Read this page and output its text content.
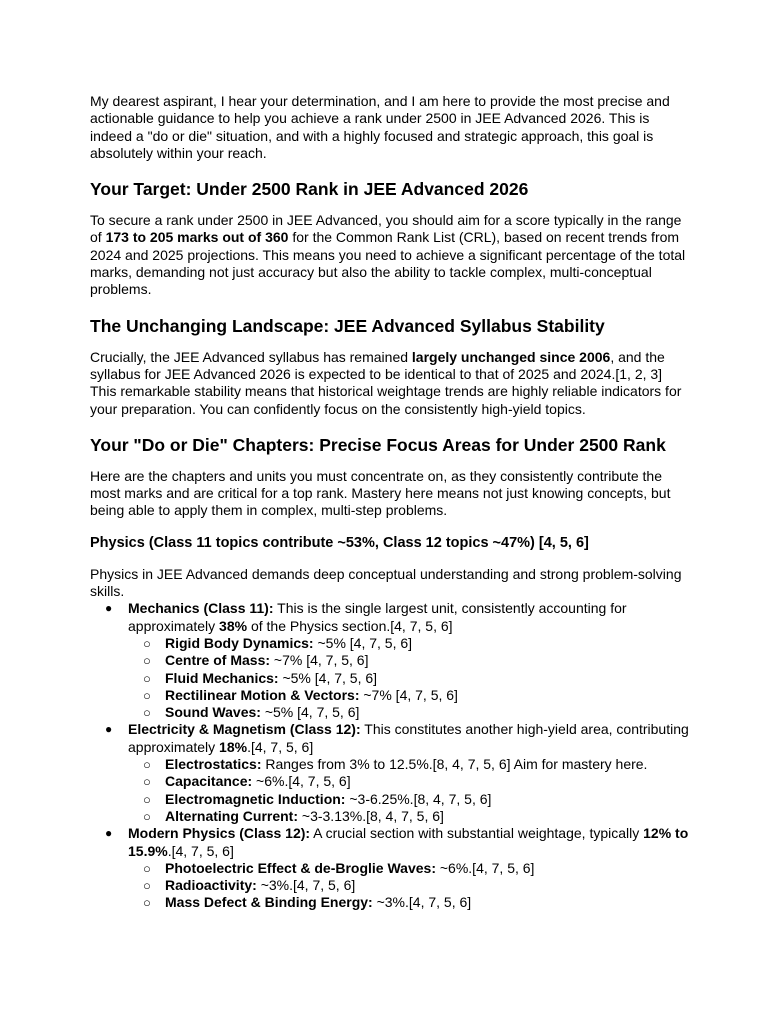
My dearest aspirant, I hear your determination, and I am here to provide the most precise and actionable guidance to help you achieve a rank under 2500 in JEE Advanced 2026. This is indeed a "do or die" situation, and with a highly focused and strategic approach, this goal is absolutely within your reach.

Your Target: Under 2500 Rank in JEE Advanced 2026

To secure a rank under 2500 in JEE Advanced, you should aim for a score typically in the range of 173 to 205 marks out of 360 for the Common Rank List (CRL), based on recent trends from 2024 and 2025 projections. This means you need to achieve a significant percentage of the total marks, demanding not just accuracy but also the ability to tackle complex, multi-conceptual problems.

The Unchanging Landscape: JEE Advanced Syllabus Stability

Crucially, the JEE Advanced syllabus has remained largely unchanged since 2006, and the syllabus for JEE Advanced 2026 is expected to be identical to that of 2025 and 2024.[1, 2, 3] This remarkable stability means that historical weightage trends are highly reliable indicators for your preparation. You can confidently focus on the consistently high-yield topics.

Your "Do or Die" Chapters: Precise Focus Areas for Under 2500 Rank

Here are the chapters and units you must concentrate on, as they consistently contribute the most marks and are critical for a top rank. Mastery here means not just knowing concepts, but being able to apply them in complex, multi-step problems.

Physics (Class 11 topics contribute ~53%, Class 12 topics ~47%) [4, 5, 6]

Physics in JEE Advanced demands deep conceptual understanding and strong problem-solving skills.

● Mechanics (Class 11): This is the single largest unit, consistently accounting for approximately 38% of the Physics section.[4, 7, 5, 6]
○ Rigid Body Dynamics: ~5% [4, 7, 5, 6]
○ Centre of Mass: ~7% [4, 7, 5, 6]
○ Fluid Mechanics: ~5% [4, 7, 5, 6]
○ Rectilinear Motion & Vectors: ~7% [4, 7, 5, 6]
○ Sound Waves: ~5% [4, 7, 5, 6]
● Electricity & Magnetism (Class 12): This constitutes another high-yield area, contributing approximately 18%.[4, 7, 5, 6]
○ Electrostatics: Ranges from 3% to 12.5%.[8, 4, 7, 5, 6] Aim for mastery here.
○ Capacitance: ~6%.[4, 7, 5, 6]
○ Electromagnetic Induction: ~3-6.25%.[8, 4, 7, 5, 6]
○ Alternating Current: ~3-3.13%.[8, 4, 7, 5, 6]
● Modern Physics (Class 12): A crucial section with substantial weightage, typically 12% to 15.9%.[4, 7, 5, 6]
○ Photoelectric Effect & de-Broglie Waves: ~6%.[4, 7, 5, 6]
○ Radioactivity: ~3%.[4, 7, 5, 6]
○ Mass Defect & Binding Energy: ~3%.[4, 7, 5, 6]
